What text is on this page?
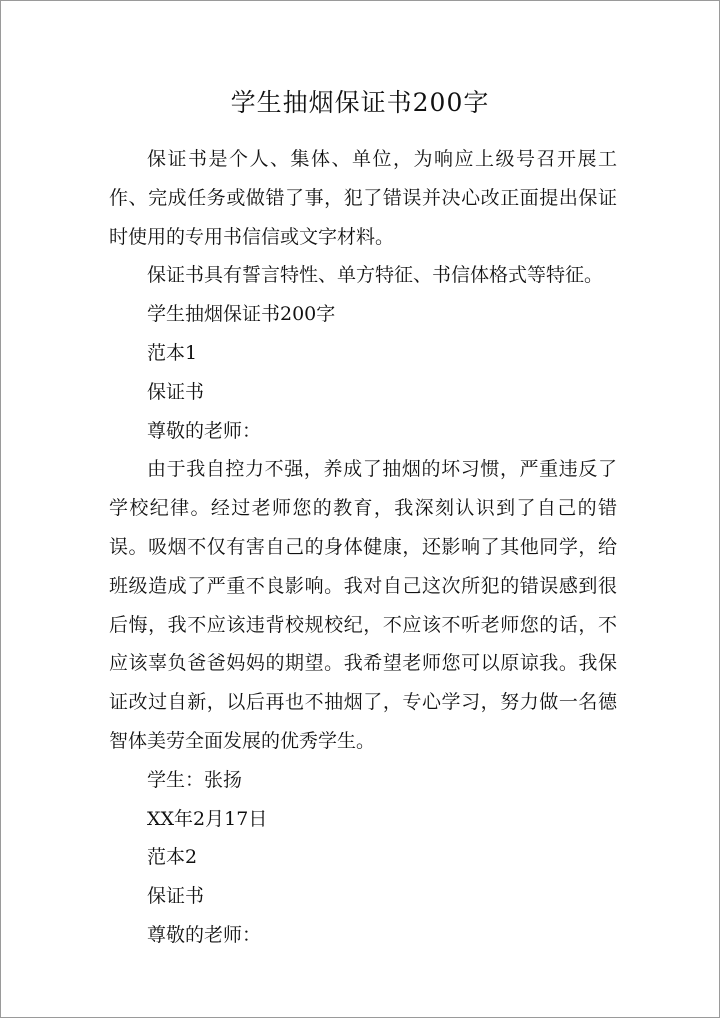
学生抽烟保证书200字

保证书是个人、集体、单位，为响应上级号召开展工作、完成任务或做错了事，犯了错误并决心改正面提出保证时使用的专用书信信或文字材料。

保证书具有誓言特性、单方特征、书信体格式等特征。

学生抽烟保证书200字

范本1

保证书

尊敬的老师：

由于我自控力不强，养成了抽烟的坏习惯，严重违反了学校纪律。经过老师您的教育，我深刻认识到了自己的错误。吸烟不仅有害自己的身体健康，还影响了其他同学，给班级造成了严重不良影响。我对自己这次所犯的错误感到很后悔，我不应该违背校规校纪，不应该不听老师您的话，不应该辜负爸爸妈妈的期望。我希望老师您可以原谅我。我保证改过自新，以后再也不抽烟了，专心学习，努力做一名德智体美劳全面发展的优秀学生。

学生：张扬

XX年2月17日

范本2

保证书

尊敬的老师：
